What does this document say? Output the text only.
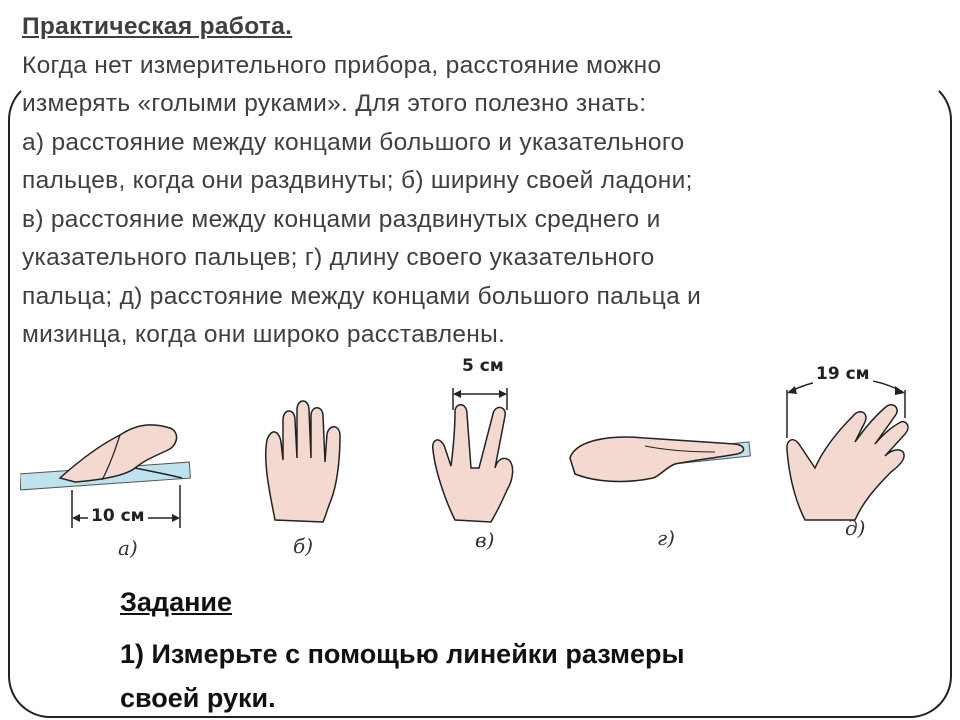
Практическая работа.
Когда нет измерительного прибора, расстояние можно
измерять «голыми руками». Для этого полезно знать:
а) расстояние между концами большого и указательного
пальцев, когда они раздвинуты; б) ширину своей ладони;
в) расстояние между концами раздвинутых среднего и
указательного пальцев; г) длину своего указательного
пальца; д) расстояние между концами большого пальца и
мизинца, когда они широко расставлены.
10 см
а)	б)
5 см
в)	г)
19 см
д)
Задание
1) Измерьте с помощью линейки размеры
своей руки.
